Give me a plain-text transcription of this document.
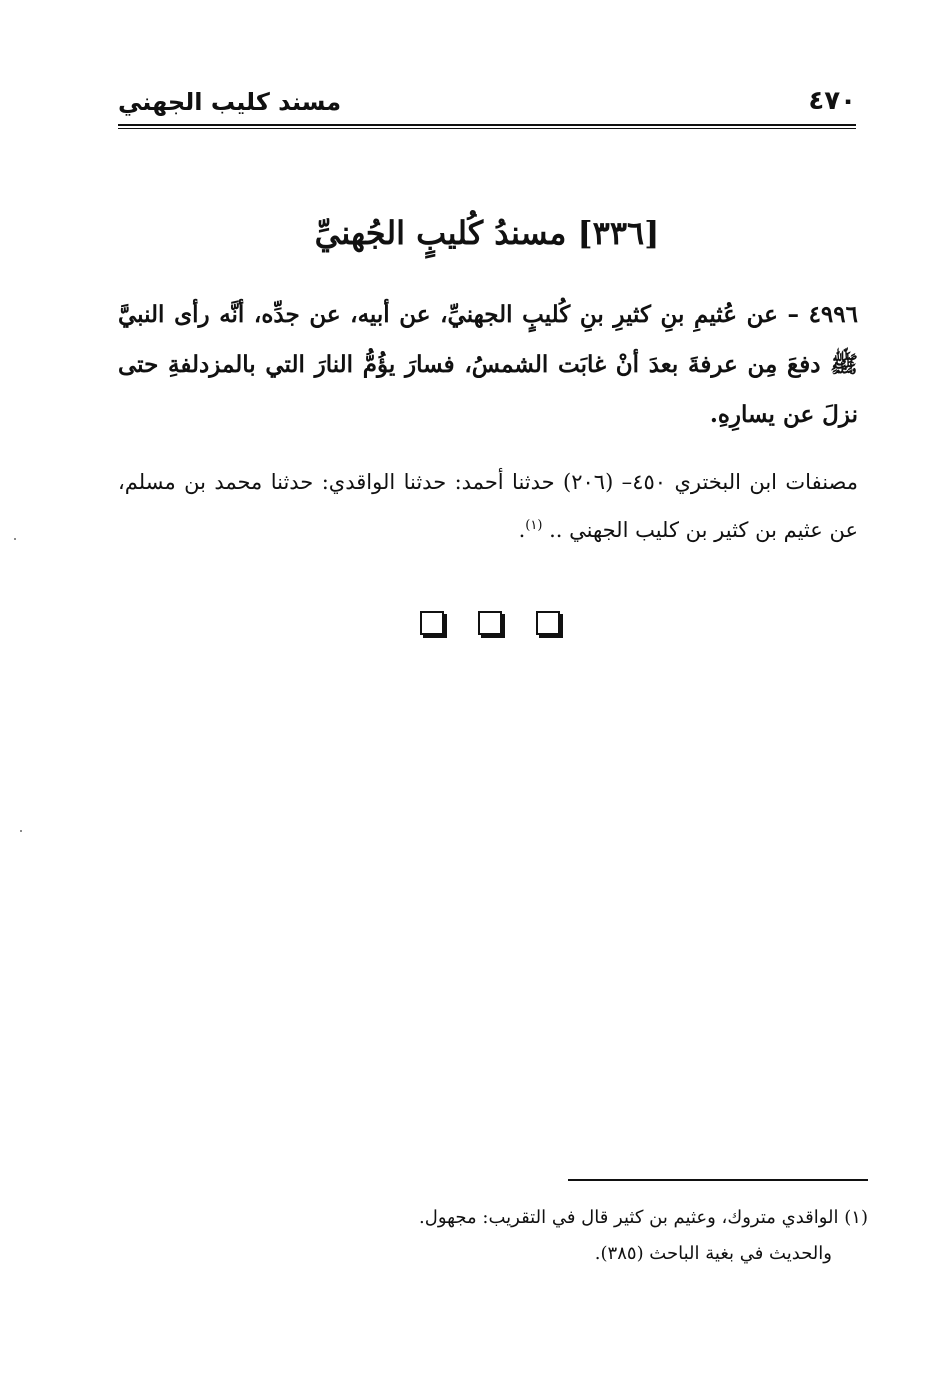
٤٧٠
مسند كليب الجهني
[٣٣٦] مسندُ كُليبٍ الجُهنيِّ
٤٩٩٦ – عن عُثيمِ بنِ كثيرِ بنِ كُليبٍ الجهنيِّ، عن أبيه، عن جدِّه، أنَّه رأى النبيَّ ﷺ دفعَ مِن عرفةَ بعدَ أنْ غابَت الشمسُ، فسارَ يؤُمُّ النارَ التي بالمزدلفةِ حتى نزلَ عن يسارِهِ.
مصنفات ابن البختري ٤٥٠– (٢٠٦) حدثنا أحمد: حدثنا الواقدي: حدثنا محمد بن مسلم، عن عثيم بن كثير بن كليب الجهني .. $^{(١)}$.
(١) الواقدي متروك، وعثيم بن كثير قال في التقريب: مجهول.
والحديث في بغية الباحث (٣٨٥).
